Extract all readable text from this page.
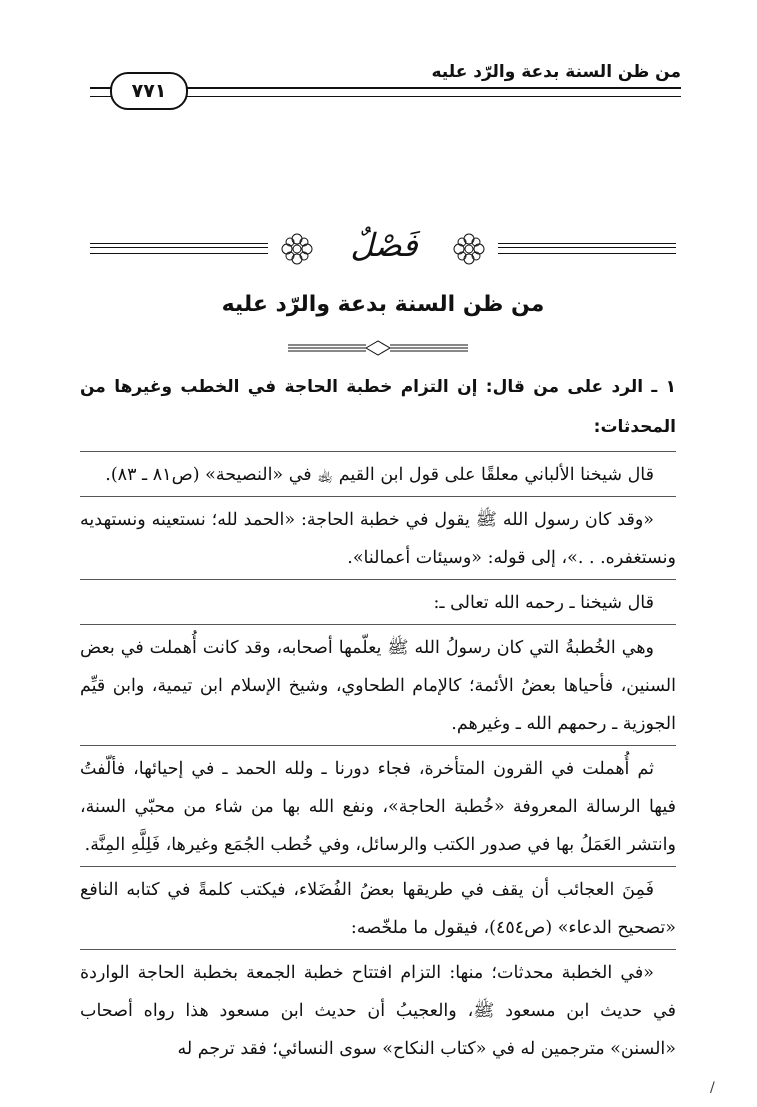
من ظن السنة بدعة والرّد عليه
٧٧١
فَصْلٌ
من ظن السنة بدعة والرّد عليه

١ ـ الرد على من قال: إن التزام خطبة الحاجة في الخطب وغيرها من المحدثات:

قال شيخنا الألباني معلقًا على قول ابن القيم ﵀ في «النصيحة» (ص٨١ ـ ٨٣).

«وقد كان رسول الله ﷺ يقول في خطبة الحاجة: «الحمد لله؛ نستعينه ونستهديه ونستغفره. . .»، إلى قوله: «وسيئات أعمالنا».

قال شيخنا ـ رحمه الله تعالى ـ:

وهي الخُطبةُ التي كان رسولُ الله ﷺ يعلّمها أصحابه، وقد كانت أُهملت في بعض السنين، فأحياها بعضُ الأئمة؛ كالإمام الطحاوي، وشيخ الإسلام ابن تيمية، وابن قيِّم الجوزية ـ رحمهم الله ـ وغيرهم.

ثم أُهملت في القرون المتأخرة، فجاء دورنا ـ ولله الحمد ـ في إحيائها، فألّفتُ فيها الرسالة المعروفة «خُطبة الحاجة»، ونفع الله بها من شاء من محبّي السنة، وانتشر العَمَلُ بها في صدور الكتب والرسائل، وفي خُطب الجُمَع وغيرها، فَلِلَّهِ المِنَّة.

فَمِنَ العجائب أن يقف في طريقها بعضُ الفُضَلاء، فيكتب كلمةً في كتابه النافع «تصحيح الدعاء» (ص٤٥٤)، فيقول ما ملخّصه:

«في الخطبة محدثات؛ منها: التزام افتتاح خطبة الجمعة بخطبة الحاجة الواردة في حديث ابن مسعود ﷺ، والعجيبُ أن حديث ابن مسعود هذا رواه أصحاب «السنن» مترجمين له في «كتاب النكاح» سوى النسائي؛ فقد ترجم له

/
